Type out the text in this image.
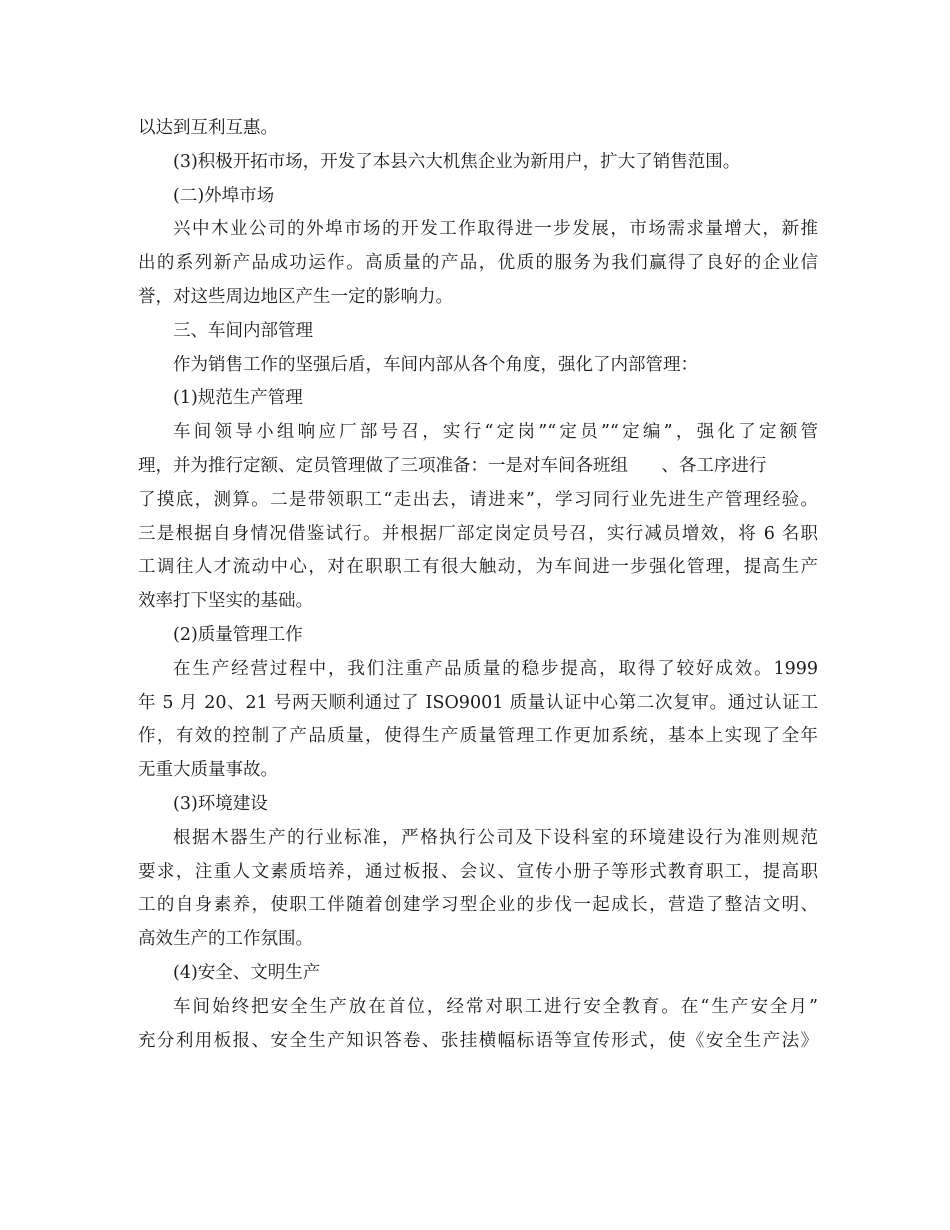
以达到互利互惠。
(3)积极开拓市场，开发了本县六大机焦企业为新用户，扩大了销售范围。
(二)外埠市场
兴中木业公司的外埠市场的开发工作取得进一步发展，市场需求量增大，新推
出的系列新产品成功运作。高质量的产品，优质的服务为我们赢得了良好的企业信
誉，对这些周边地区产生一定的影响力。
三、车间内部管理
作为销售工作的坚强后盾，车间内部从各个角度，强化了内部管理：
(1)规范生产管理
车间领导小组响应厂部号召，实行“定岗”“定员”“定编”，强化了定额管
理，并为推行定额、定员管理做了三项准备：一是对车间各班组      、各工序进行
了摸底，测算。二是带领职工“走出去，请进来”，学习同行业先进生产管理经验。
三是根据自身情况借鉴试行。并根据厂部定岗定员号召，实行减员增效，将 6 名职
工调往人才流动中心，对在职职工有很大触动，为车间进一步强化管理，提高生产
效率打下坚实的基础。
(2)质量管理工作
在生产经营过程中，我们注重产品质量的稳步提高，取得了较好成效。1999
年 5 月 20、21 号两天顺利通过了 ISO9001 质量认证中心第二次复审。通过认证工
作，有效的控制了产品质量，使得生产质量管理工作更加系统，基本上实现了全年
无重大质量事故。
(3)环境建设
根据木器生产的行业标准，严格执行公司及下设科室的环境建设行为准则规范
要求，注重人文素质培养，通过板报、会议、宣传小册子等形式教育职工，提高职
工的自身素养，使职工伴随着创建学习型企业的步伐一起成长，营造了整洁文明、
高效生产的工作氛围。
(4)安全、文明生产
车间始终把安全生产放在首位，经常对职工进行安全教育。在“生产安全月”
充分利用板报、安全生产知识答卷、张挂横幅标语等宣传形式，使《安全生产法》
